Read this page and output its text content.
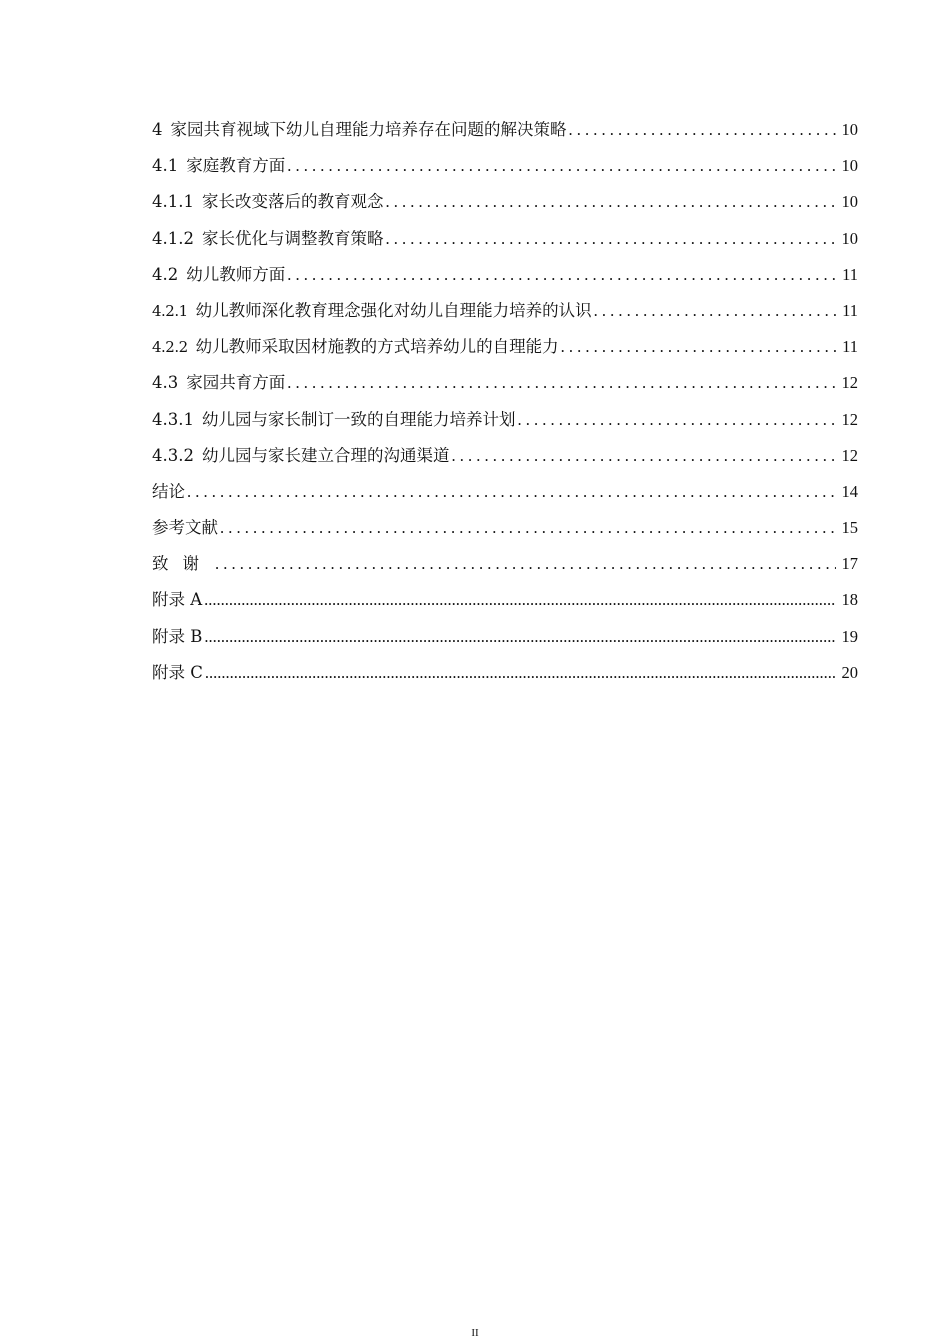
4 家园共育视域下幼儿自理能力培养存在问题的解决策略 . . .	10
4.1 家庭教育方面 . . .	10
4.1.1 家长改变落后的教育观念 . . .	10
4.1.2 家长优化与调整教育策略 . . .	10
4.2 幼儿教师方面 . . .	11
4.2.1 幼儿教师深化教育理念强化对幼儿自理能力培养的认识 . . .	11
4.2.2 幼儿教师采取因材施教的方式培养幼儿的自理能力 . . .	11
4.3 家园共育方面 . . .	12
4.3.1 幼儿园与家长制订一致的自理能力培养计划 . . .	12
4.3.2 幼儿园与家长建立合理的沟通渠道 . . .	12
结论 . . .	14
参考文献 . . .	15
致谢 . . .	17
附录 A .....	18
附录 B .....	19
附录 C .....	20
II
